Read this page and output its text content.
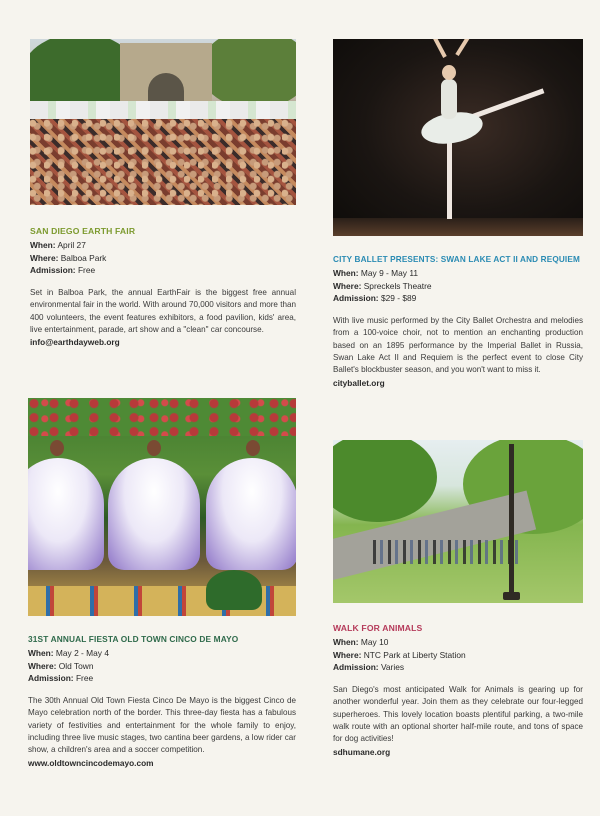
SAN DIEGO EARTH FAIR

When: April 27

Where: Balboa Park

Admission: Free

Set in Balboa Park, the annual EarthFair is the biggest free annual environmental fair in the world. With around 70,000 visitors and more than 400 volunteers, the event features exhibitors, a food pavilion, kids' area, live entertainment, parade, art show and a "clean" car concourse.

info@earthdayweb.org
CITY BALLET PRESENTS: SWAN LAKE ACT II AND REQUIEM

When: May 9 - May 11

Where: Spreckels Theatre

Admission: $29 - $89

With live music performed by the City Ballet Orchestra and melodies from a 100-voice choir, not to mention an enchanting production based on an 1895 performance by the Imperial Ballet in Russia, Swan Lake Act II and Requiem is the perfect event to close City Ballet's blockbuster season, and you won't want to miss it.

cityballet.org
31ST ANNUAL FIESTA OLD TOWN CINCO DE MAYO

When: May 2 - May 4

Where: Old Town

Admission: Free

The 30th Annual Old Town Fiesta Cinco De Mayo is the biggest Cinco de Mayo celebration north of the border. This three-day fiesta has a fabulous variety of festivities and entertainment for the whole family to enjoy, including three live music stages, two cantina beer gardens, a low rider car show, a children's area and a soccer competition.

www.oldtowncincodemayo.com
WALK FOR ANIMALS

When: May 10

Where: NTC Park at Liberty Station

Admission: Varies

San Diego's most anticipated Walk for Animals is gearing up for another wonderful year. Join them as they celebrate our four-legged superheroes. This lovely location boasts plentiful parking, a two-mile walk route with an optional shorter half-mile route, and tons of space for dog activities!

sdhumane.org
